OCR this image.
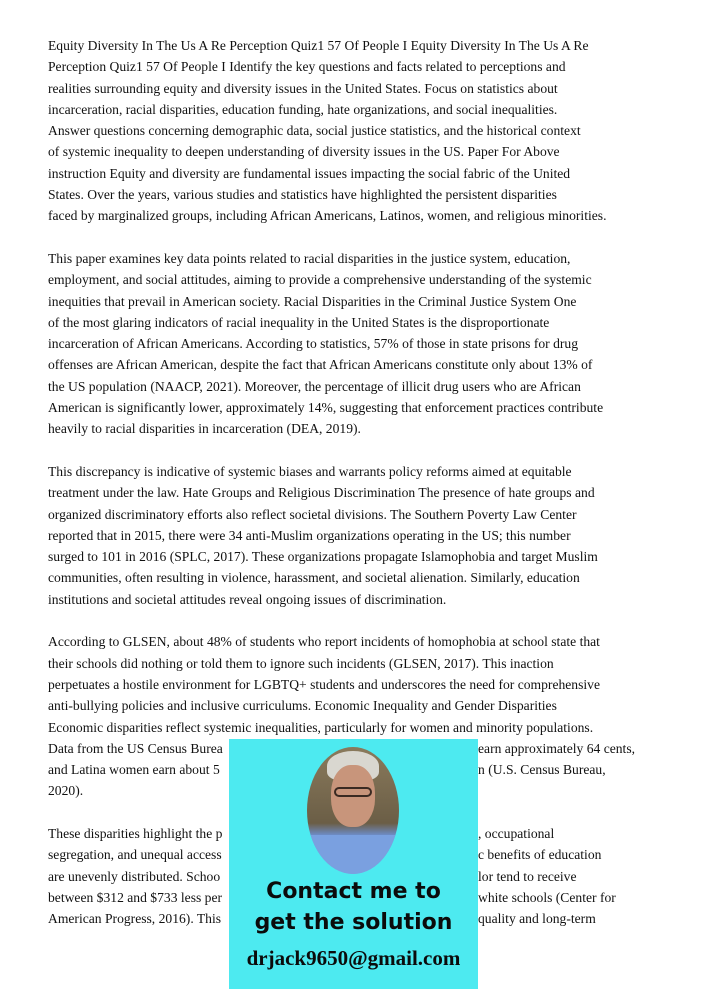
Equity Diversity In The Us A Re Perception Quiz1 57 Of People I Equity Diversity In The Us A Re
Perception Quiz1 57 Of People I Identify the key questions and facts related to perceptions and
realities surrounding equity and diversity issues in the United States. Focus on statistics about
incarceration, racial disparities, education funding, hate organizations, and social inequalities.
Answer questions concerning demographic data, social justice statistics, and the historical context
of systemic inequality to deepen understanding of diversity issues in the US. Paper For Above
instruction Equity and diversity are fundamental issues impacting the social fabric of the United
States. Over the years, various studies and statistics have highlighted the persistent disparities
faced by marginalized groups, including African Americans, Latinos, women, and religious minorities.
This paper examines key data points related to racial disparities in the justice system, education,
employment, and social attitudes, aiming to provide a comprehensive understanding of the systemic
inequities that prevail in American society. Racial Disparities in the Criminal Justice System One
of the most glaring indicators of racial inequality in the United States is the disproportionate
incarceration of African Americans. According to statistics, 57% of those in state prisons for drug
offenses are African American, despite the fact that African Americans constitute only about 13% of
the US population (NAACP, 2021). Moreover, the percentage of illicit drug users who are African
American is significantly lower, approximately 14%, suggesting that enforcement practices contribute
heavily to racial disparities in incarceration (DEA, 2019).
This discrepancy is indicative of systemic biases and warrants policy reforms aimed at equitable
treatment under the law. Hate Groups and Religious Discrimination The presence of hate groups and
organized discriminatory efforts also reflect societal divisions. The Southern Poverty Law Center
reported that in 2015, there were 34 anti-Muslim organizations operating in the US; this number
surged to 101 in 2016 (SPLC, 2017). These organizations propagate Islamophobia and target Muslim
communities, often resulting in violence, harassment, and societal alienation. Similarly, education
institutions and societal attitudes reveal ongoing issues of discrimination.
According to GLSEN, about 48% of students who report incidents of homophobia at school state that
their schools did nothing or told them to ignore such incidents (GLSEN, 2017). This inaction
perpetuates a hostile environment for LGBTQ+ students and underscores the need for comprehensive
anti-bullying policies and inclusive curriculums. Economic Inequality and Gender Disparities
Economic disparities reflect systemic inequalities, particularly for women and minority populations.
Data from the US Census Burea	earn approximately 64 cents,
and Latina women earn about 5	n (U.S. Census Bureau,
2020).
These disparities highlight the p	, occupational
segregation, and unequal access	c benefits of education
are unevenly distributed. Schoo	lor tend to receive
between $312 and $733 less per	white schools (Center for
American Progress, 2016). This	quality and long-term
Contact me to
get the solution
drjack9650@gmail.com
